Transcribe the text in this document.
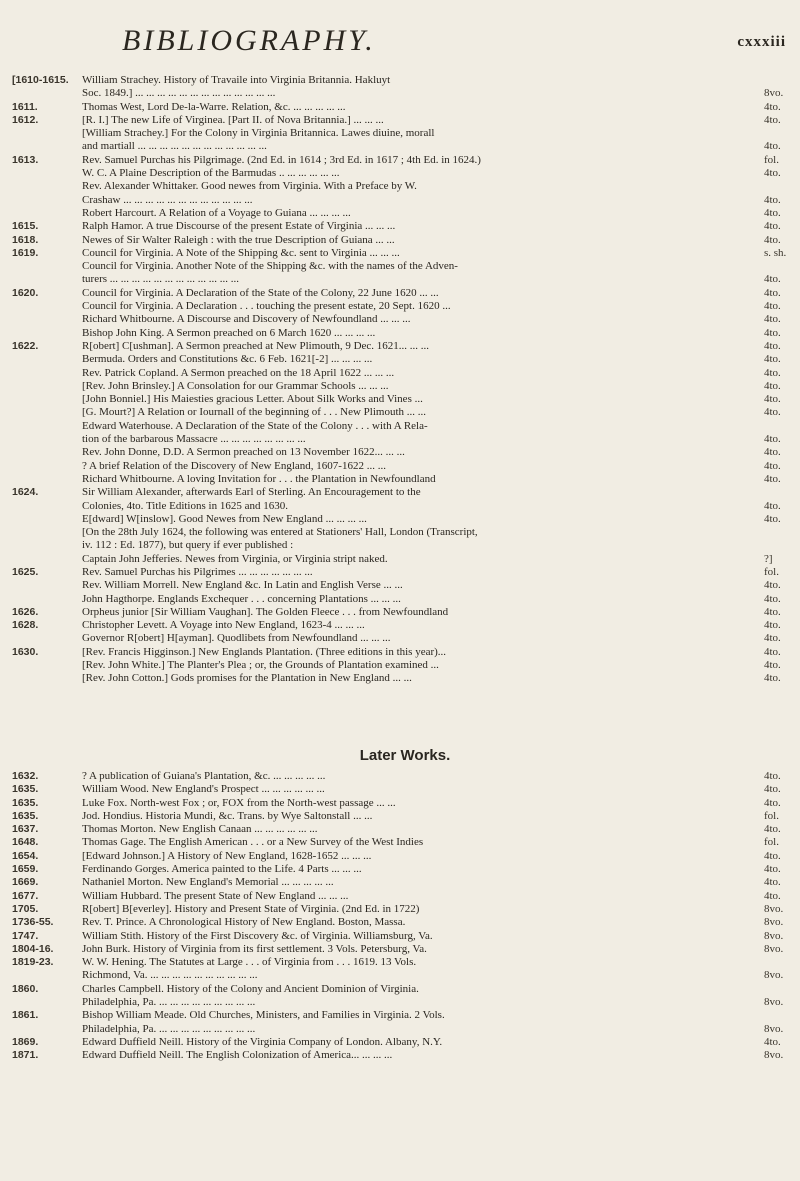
BIBLIOGRAPHY.	cxxxiii
[1610-1615.	William Strachey. History of Travaile into Virginia Britannia. Hakluyt
Soc. 1849.] ... ... ... ... ... ... ... ... ... ... ... ... ...	8vo.
1611.	Thomas West, Lord De-la-Warre. Relation, &c. ... ... ... ... ...	4to.
1612.	[R. I.] The new Life of Virginea. [Part II. of Nova Britannia.] ... ... ...	4to.
[William Strachey.] For the Colony in Virginia Britannica. Lawes diuine, morall
and martiall ... ... ... ... ... ... ... ... ... ... ... ...	4to.
1613.	Rev. Samuel Purchas his Pilgrimage. (2nd Ed. in 1614 ; 3rd Ed. in 1617 ; 4th Ed. in 1624.)	fol.
W. C. A Plaine Description of the Barmudas .. ... ... ... ... ...	4to.
Rev. Alexander Whittaker. Good newes from Virginia. With a Preface by W.
Crashaw ... ... ... ... ... ... ... ... ... ... ... ...	4to.
Robert Harcourt. A Relation of a Voyage to Guiana ... ... ... ...	4to.
1615.	Ralph Hamor. A true Discourse of the present Estate of Virginia ... ... ...	4to.
1618.	Newes of Sir Walter Raleigh : with the true Description of Guiana ... ...	4to.
1619.	Council for Virginia. A Note of the Shipping &c. sent to Virginia ... ... ...	s. sh.
Council for Virginia. Another Note of the Shipping &c. with the names of the Adven-
turers ... ... ... ... ... ... ... ... ... ... ... ...	4to.
1620.	Council for Virginia. A Declaration of the State of the Colony, 22 June 1620 ... ...	4to.
Council for Virginia. A Declaration . . . touching the present estate, 20 Sept. 1620 ...	4to.
Richard Whitbourne. A Discourse and Discovery of Newfoundland ... ... ...	4to.
Bishop John King. A Sermon preached on 6 March 1620 ... ... ... ...	4to.
1622.	R[obert] C[ushman]. A Sermon preached at New Plimouth, 9 Dec. 1621... ... ...	4to.
Bermuda. Orders and Constitutions &c. 6 Feb. 1621[-2] ... ... ... ...	4to.
Rev. Patrick Copland. A Sermon preached on the 18 April 1622 ... ... ...	4to.
[Rev. John Brinsley.] A Consolation for our Grammar Schools ... ... ...	4to.
[John Bonniel.] His Maiesties gracious Letter. About Silk Works and Vines ...	4to.
[G. Mourt?] A Relation or Iournall of the beginning of . . . New Plimouth ... ...	4to.
Edward Waterhouse. A Declaration of the State of the Colony . . . with A Rela-
tion of the barbarous Massacre ... ... ... ... ... ... ... ...	4to.
Rev. John Donne, D.D. A Sermon preached on 13 November 1622... ... ...	4to.
? A brief Relation of the Discovery of New England, 1607-1622 ... ...	4to.
Richard Whitbourne. A loving Invitation for . . . the Plantation in Newfoundland	4to.
1624.	Sir William Alexander, afterwards Earl of Sterling. An Encouragement to the
Colonies, 4to. Title Editions in 1625 and 1630.	4to.
E[dward] W[inslow]. Good Newes from New England ... ... ... ...	4to.
[On the 28th July 1624, the following was entered at Stationers' Hall, London (Transcript,
iv. 112 : Ed. 1877), but query if ever published :
Captain John Jefferies. Newes from Virginia, or Virginia stript naked.	?]
1625.	Rev. Samuel Purchas his Pilgrimes ... ... ... ... ... ... ...	fol.
Rev. William Morrell. New England &c. In Latin and English Verse ... ...	4to.
John Hagthorpe. Englands Exchequer . . . concerning Plantations ... ... ...	4to.
1626.	Orpheus junior [Sir William Vaughan]. The Golden Fleece . . . from Newfoundland	4to.
1628.	Christopher Levett. A Voyage into New England, 1623-4 ... ... ...	4to.
Governor R[obert] H[ayman]. Quodlibets from Newfoundland ... ... ...	4to.
1630.	[Rev. Francis Higginson.] New Englands Plantation. (Three editions in this year)...	4to.
[Rev. John White.] The Planter's Plea ; or, the Grounds of Plantation examined ...	4to.
[Rev. John Cotton.] Gods promises for the Plantation in New England ... ...	4to.
Later Works.
1632.	? A publication of Guiana's Plantation, &c. ... ... ... ... ...	4to.
1635.	William Wood. New England's Prospect ... ... ... ... ... ...	4to.
1635.	Luke Fox. North-west Fox ; or, FOX from the North-west passage ... ...	4to.
1635.	Jod. Hondius. Historia Mundi, &c. Trans. by Wye Saltonstall ... ...	fol.
1637.	Thomas Morton. New English Canaan ... ... ... ... ... ...	4to.
1648.	Thomas Gage. The English American . . . or a New Survey of the West Indies	fol.
1654.	[Edward Johnson.] A History of New England, 1628-1652 ... ... ...	4to.
1659.	Ferdinando Gorges. America painted to the Life. 4 Parts ... ... ...	4to.
1669.	Nathaniel Morton. New England's Memorial ... ... ... ... ...	4to.
1677.	William Hubbard. The present State of New England ... ... ...	4to.
1705.	R[obert] B[everley]. History and Present State of Virginia. (2nd Ed. in 1722)	8vo.
1736-55.	Rev. T. Prince. A Chronological History of New England. Boston, Massa.	8vo.
1747.	William Stith. History of the First Discovery &c. of Virginia. Williamsburg, Va.	8vo.
1804-16.	John Burk. History of Virginia from its first settlement. 3 Vols. Petersburg, Va.	8vo.
1819-23.	W. W. Hening. The Statutes at Large . . . of Virginia from . . . 1619. 13 Vols.
Richmond, Va. ... ... ... ... ... ... ... ... ... ...	8vo.
1860.	Charles Campbell. History of the Colony and Ancient Dominion of Virginia.
Philadelphia, Pa. ... ... ... ... ... ... ... ... ...	8vo.
1861.	Bishop William Meade. Old Churches, Ministers, and Families in Virginia. 2 Vols.
Philadelphia, Pa. ... ... ... ... ... ... ... ... ...	8vo.
1869.	Edward Duffield Neill. History of the Virginia Company of London. Albany, N.Y.	4to.
1871.	Edward Duffield Neill. The English Colonization of America... ... ... ...	8vo.
